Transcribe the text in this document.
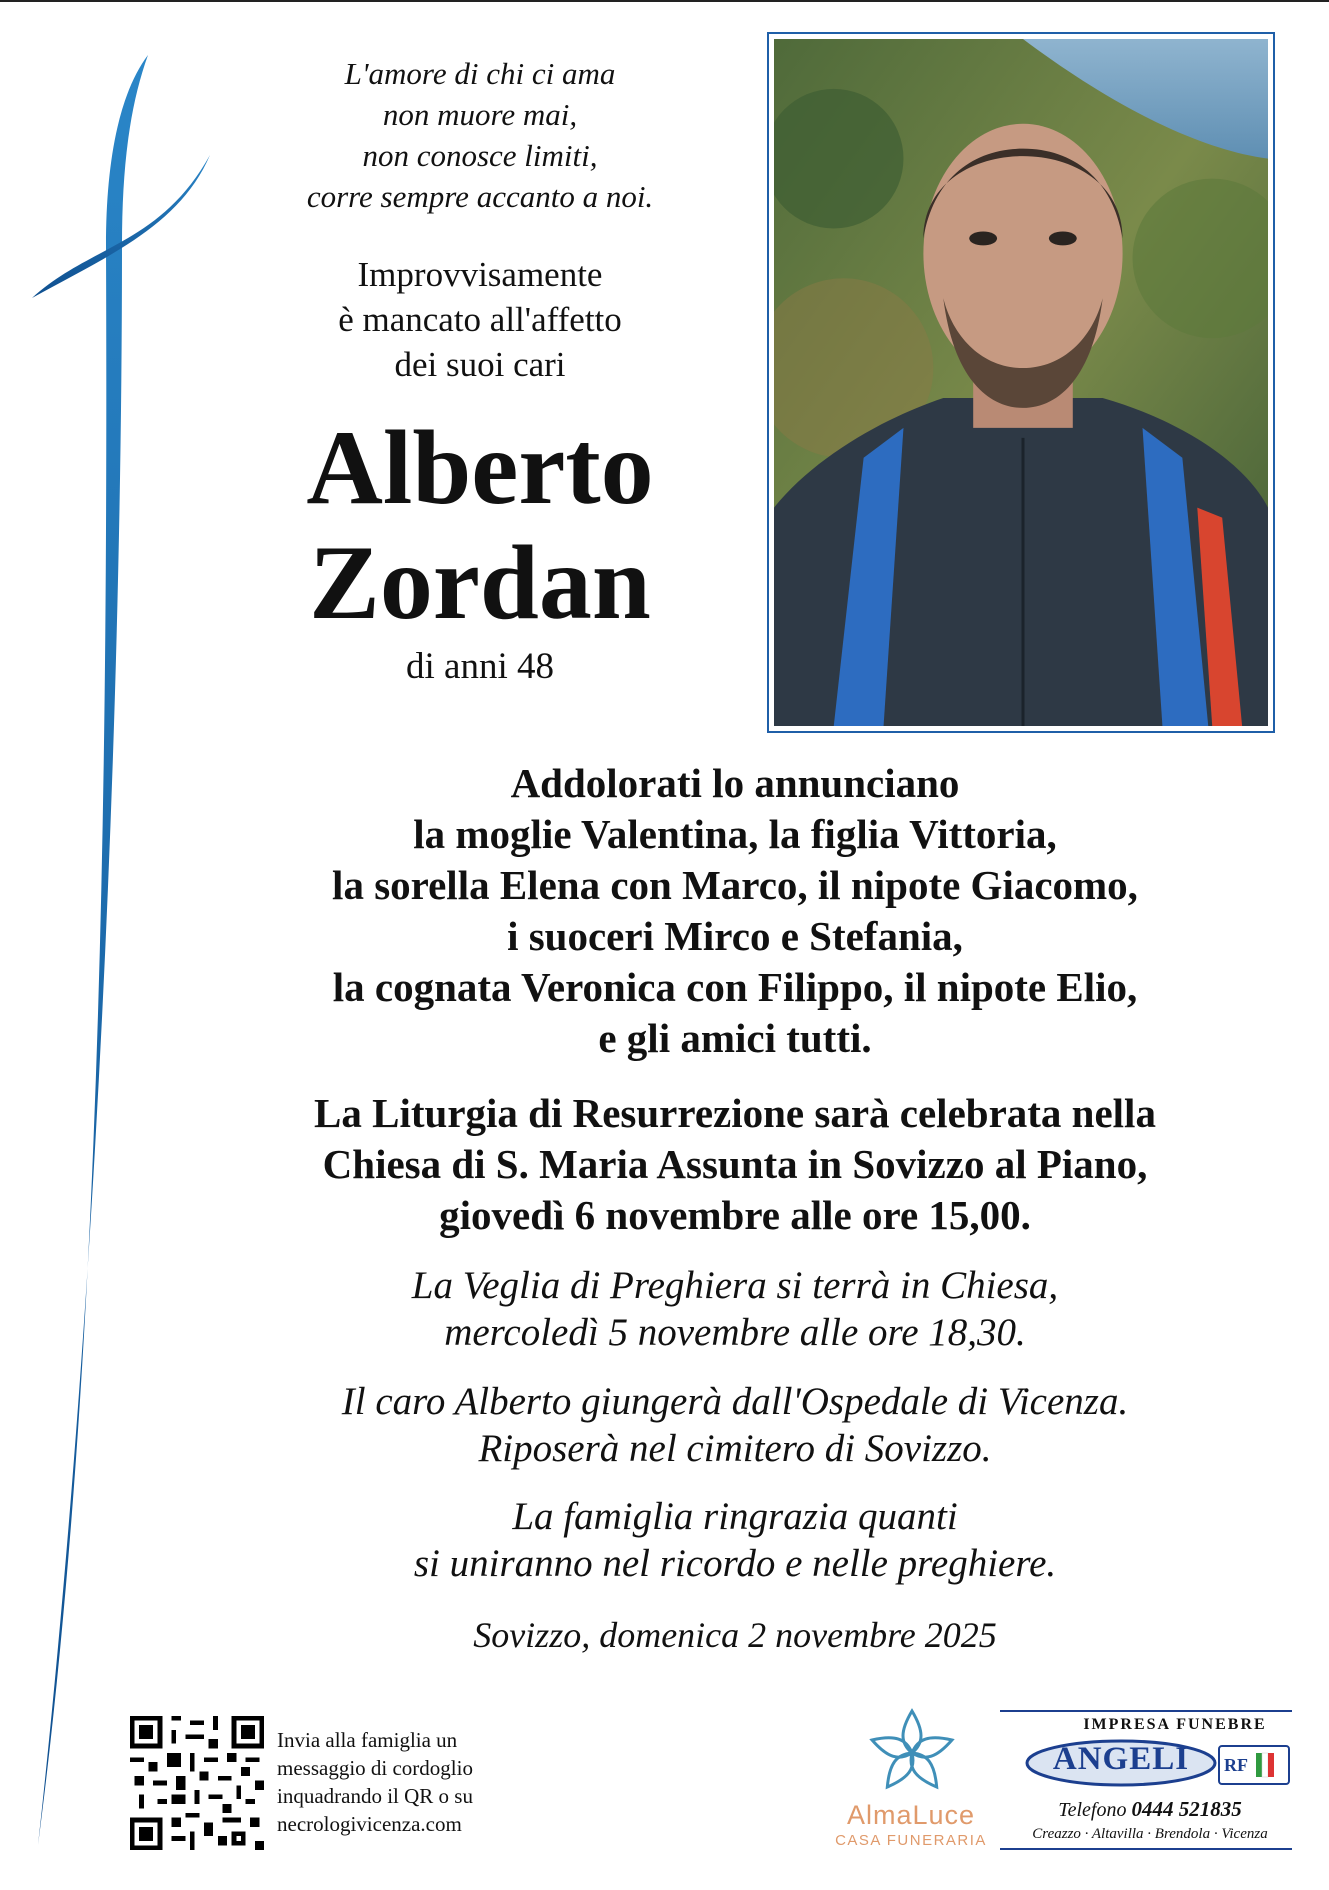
L'amore di chi ci ama
non muore mai,
non conosce limiti,
corre sempre accanto a noi.
Improvvisamente
è mancato all'affetto
dei suoi cari
Alberto
Zordan
di anni 48
Addolorati lo annunciano
la moglie Valentina, la figlia Vittoria,
la sorella Elena con Marco, il nipote Giacomo,
i suoceri Mirco e Stefania,
la cognata Veronica con Filippo, il nipote Elio,
e gli amici tutti.
La Liturgia di Resurrezione sarà celebrata nella
Chiesa di S. Maria Assunta in Sovizzo al Piano,
giovedì 6 novembre alle ore 15,00.
La Veglia di Preghiera si terrà in Chiesa,
mercoledì 5 novembre alle ore 18,30.
Il caro Alberto giungerà dall'Ospedale di Vicenza.
Riposerà nel cimitero di Sovizzo.
La famiglia ringrazia quanti
si uniranno nel ricordo e nelle preghiere.
Sovizzo, domenica 2 novembre 2025
Invia alla famiglia un
messaggio di cordoglio
inquadrando il QR o su
necrologivicenza.com	AlmaLuce
CASA FUNERARIA
IMPRESA FUNEBRE
ANGELI	RF
Telefono 0444 521835
Creazzo · Altavilla · Brendola · Vicenza
